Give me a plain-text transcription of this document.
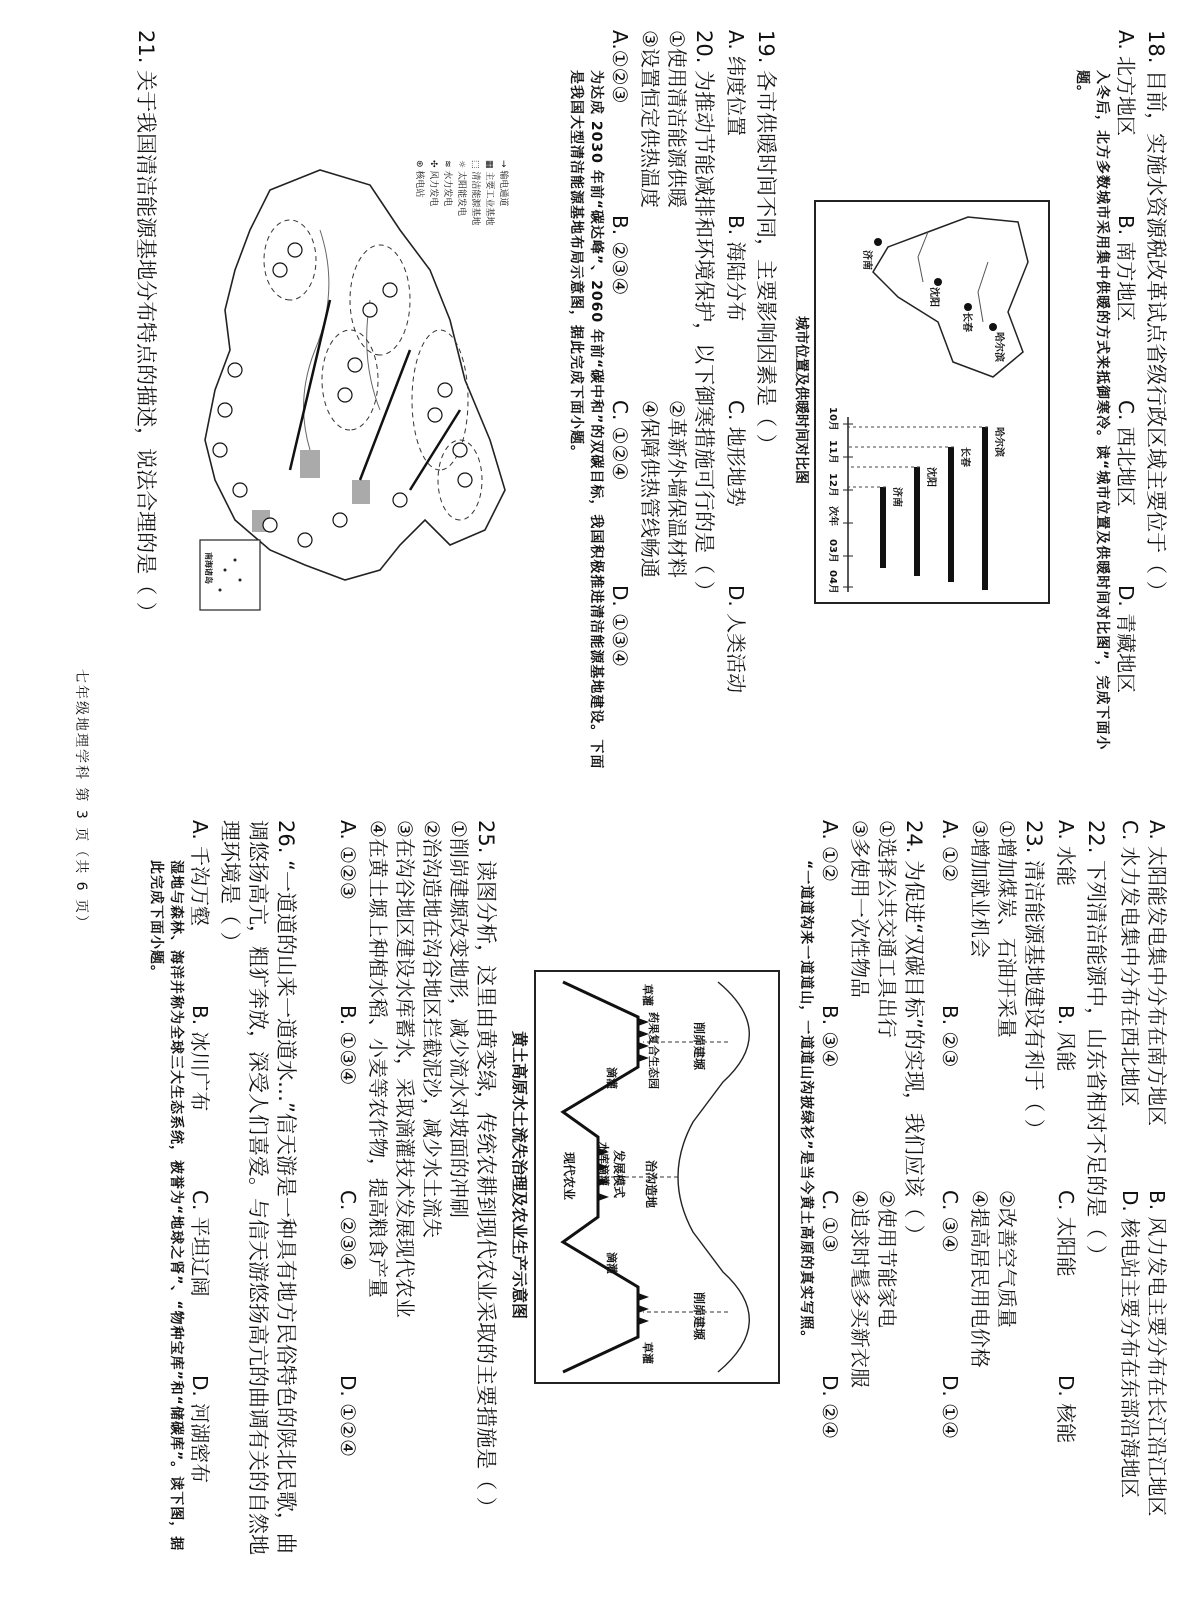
18. 目前，实施水资源税改革试点省级行政区域主要位于（ ）
A. 北方地区
B. 南方地区
C. 西北地区
D. 青藏地区
入冬后，北方多数城市采用集中供暖的方式来抵御寒冷。读“城市位置及供暖时间对比图”，完成下面小题。
哈尔滨
长春
沈阳
济南
哈尔滨
长春
沈阳
济南
10月
11月
12月
次年
03月
04月
城市位置及供暖时间对比图
19. 各市供暖时间不同，主要影响因素是（ ）
A. 纬度位置
B. 海陆分布
C. 地形地势
D. 人类活动
20. 为推动节能减排和环境保护，以下御寒措施可行的是（ ）
①使用清洁能源供暖
②革新外墙保温材料
③设置恒定供热温度
④保障供热管线畅通
A.①②③
B. ②③④
C. ①②④
D. ①③④
为达成 2030 年前“碳达峰”、2060 年前“碳中和”的双碳目标，我国积极推进清洁能源基地建设。下面是我国大型清洁能源基地布局示意图，据此完成下面小题。
南海诸岛
→ 输电通道
▦ 主要工业基地
⬚ 清洁能源基地
☼ 太阳能发电
≋ 水力发电
✣ 风力发电
⊛ 核电站
21. 关于我国清洁能源基地分布特点的描述，说法合理的是（ ）
A. 太阳能发电集中分布在南方地区
B. 风力发电主要分布在长江沿江地区
C. 水力发电集中分布在西北地区
D. 核电站主要分布在东部沿海地区
22. 下列清洁能源中，山东省相对不足的是（ ）
A. 水能
B. 风能
C. 太阳能
D. 核能
23. 清洁能源基地建设有利于（ ）
①增加煤炭、石油开采量
②改善空气质量
③增加就业机会
④提高居民用电价格
A. ①②
B. ②③
C. ③④
D. ①④
24. 为促进“双碳目标”的实现，我们应该（ ）
①选择公共交通工具出行
②使用节能家电
③多使用一次性物品
④追求时髦多买新衣服
A. ①②
B. ③④
C. ①③
D. ②④
“一道道沟来一道道山，一道道山沟披绿衫”是当今黄土高原的真实写照。
削峁建塬
治沟造地
削峁建塬
发展模式
药果复合生态园
滴灌
水库滴灌
滴灌
草灌
草灌
现代农业
黄土高原水土流失治理及农业生产示意图
25. 读图分析，这里由黄变绿，传统农耕到现代农业采取的主要措施是（ ）
①削峁建塬改变地形，减少流水对坡面的冲刷
②治沟造地在沟谷地区拦截泥沙，减少水土流失
③在沟谷地区建设水库蓄水，采取滴灌技术发展现代农业
④在黄土塬上种植水稻、小麦等农作物，提高粮食产量
A. ①②③
B. ①③④
C. ②③④
D. ①②④
26. “一道道的山来一道道水…”信天游是一种具有地方民俗特色的陕北民歌，曲调悠扬高亢，粗犷奔放，深受人们喜爱。与信天游悠扬高亢的曲调有关的自然地理环境是（ ）
A. 千沟万壑
B. 冰川广布
C. 平坦辽阔
D. 河湖密布
湿地与森林、海洋并称为全球三大生态系统，被誉为“地球之肾”、“物种宝库”和“储碳库”。读下图，据此完成下面小题。
七年级地理学科 第 3 页（共 6 页）
